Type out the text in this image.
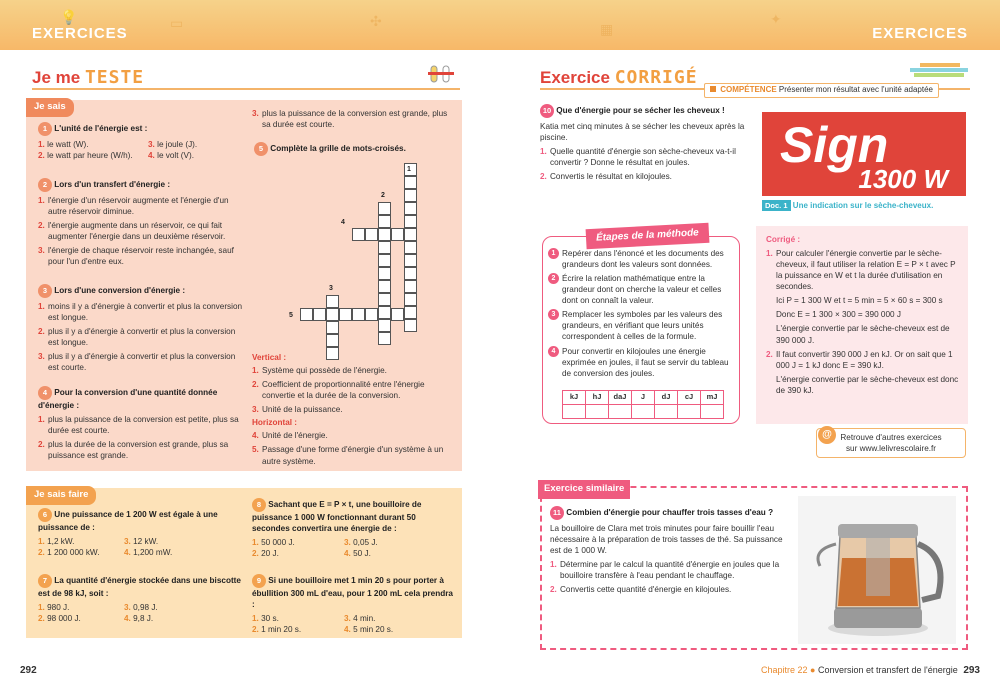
💡	▭	✣	▦
✦
EXERCICES	EXERCICES
Je me TESTE
Je sais
1 L'unité de l'énergie est :
1. le watt (W).	3. le joule (J).
2. le watt par heure (W/h).	4. le volt (V).
2 Lors d'un transfert d'énergie :
1. l'énergie d'un réservoir augmente et l'énergie d'un autre réservoir diminue.
2. l'énergie augmente dans un réservoir, ce qui fait augmenter l'énergie dans un deuxième réservoir.
3. l'énergie de chaque réservoir reste inchangée, sauf pour l'un d'entre eux.
3 Lors d'une conversion d'énergie :
1. moins il y a d'énergie à convertir et plus la conversion est longue.
2. plus il y a d'énergie à convertir et plus la conversion est longue.
3. plus il y a d'énergie à convertir et plus la conversion est courte.
4 Pour la conversion d'une quantité donnée d'énergie :
1. plus la puissance de la conversion est petite, plus sa durée est courte.
2. plus la durée de la conversion est grande, plus sa puissance est grande.
3. plus la puissance de la conversion est grande, plus sa durée est courte.
5 Complète la grille de mots-croisés.
1
2
3
4
5
Vertical :
1. Système qui possède de l'énergie.
2. Coefficient de proportionnalité entre l'énergie convertie et la durée de la conversion.
3. Unité de la puissance.
Horizontal :
4. Unité de l'énergie.
5. Passage d'une forme d'énergie d'un système à un autre système.
Je sais faire
6 Une puissance de 1 200 W est égale à une puissance de :
1. 1,2 kW.	3. 12 kW.
2. 1 200 000 kW.	4. 1,200 mW.
7 La quantité d'énergie stockée dans une biscotte est de 98 kJ, soit :
1. 980 J.	3. 0,98 J.
2. 98 000 J.	4. 9,8 J.
8 Sachant que E = P × t, une bouilloire de puissance 1 000 W fonctionnant durant 50 secondes convertira une énergie de :
1. 50 000 J.	3. 0,05 J.
2. 20 J.	4. 50 J.
9 Si une bouilloire met 1 min 20 s pour porter à ébullition 300 mL d'eau, pour 1 200 mL cela prendra :
1. 30 s.	3. 4 min.
2. 1 min 20 s.	4. 5 min 20 s.
Exercice CORRIGÉ
COMPÉTENCE Présenter mon résultat avec l'unité adaptée
10 Que d'énergie pour se sécher les cheveux !
Katia met cinq minutes à se sécher les cheveux après la piscine.
1. Quelle quantité d'énergie son sèche-cheveux va-t-il convertir ? Donne le résultat en joules.
2. Convertis le résultat en kilojoules.
Sign
1300 W
Doc. 1 Une indication sur le sèche-cheveux.
Étapes de la méthode
1 Repérer dans l'énoncé et les documents des grandeurs dont les valeurs sont données.
2 Écrire la relation mathématique entre la grandeur dont on cherche la valeur et celles dont on connaît la valeur.
3 Remplacer les symboles par les valeurs des grandeurs, en vérifiant que leurs unités correspondent à celles de la formule.
4 Pour convertir en kilojoules une énergie exprimée en joules, il faut se servir du tableau de conversion des joules.
kJ	hJ	daJ	J	dJ	cJ	mJ

Corrigé :
1. Pour calculer l'énergie convertie par le sèche-cheveux, il faut utiliser la relation E = P × t avec P la puissance en W et t la durée d'utilisation en secondes.
Ici P = 1 300 W et t = 5 min = 5 × 60 s = 300 s
Donc E = 1 300 × 300 = 390 000 J
L'énergie convertie par le sèche-cheveux est de 390 000 J.
2. Il faut convertir 390 000 J en kJ. Or on sait que 1 000 J = 1 kJ donc E = 390 kJ.
L'énergie convertie par le sèche-cheveux est donc de 390 kJ.
Retrouve d'autres exercices
sur www.lelivrescolaire.fr
@
Exercice similaire
11 Combien d'énergie pour chauffer trois tasses d'eau ?
La bouilloire de Clara met trois minutes pour faire bouillir l'eau nécessaire à la préparation de trois tasses de thé. Sa puissance est de 1 000 W.
1. Détermine par le calcul la quantité d'énergie en joules que la bouilloire transfère à l'eau pendant le chauffage.
2. Convertis cette quantité d'énergie en kilojoules.
292	Chapitre 22 ● Conversion et transfert de l'énergie 293
